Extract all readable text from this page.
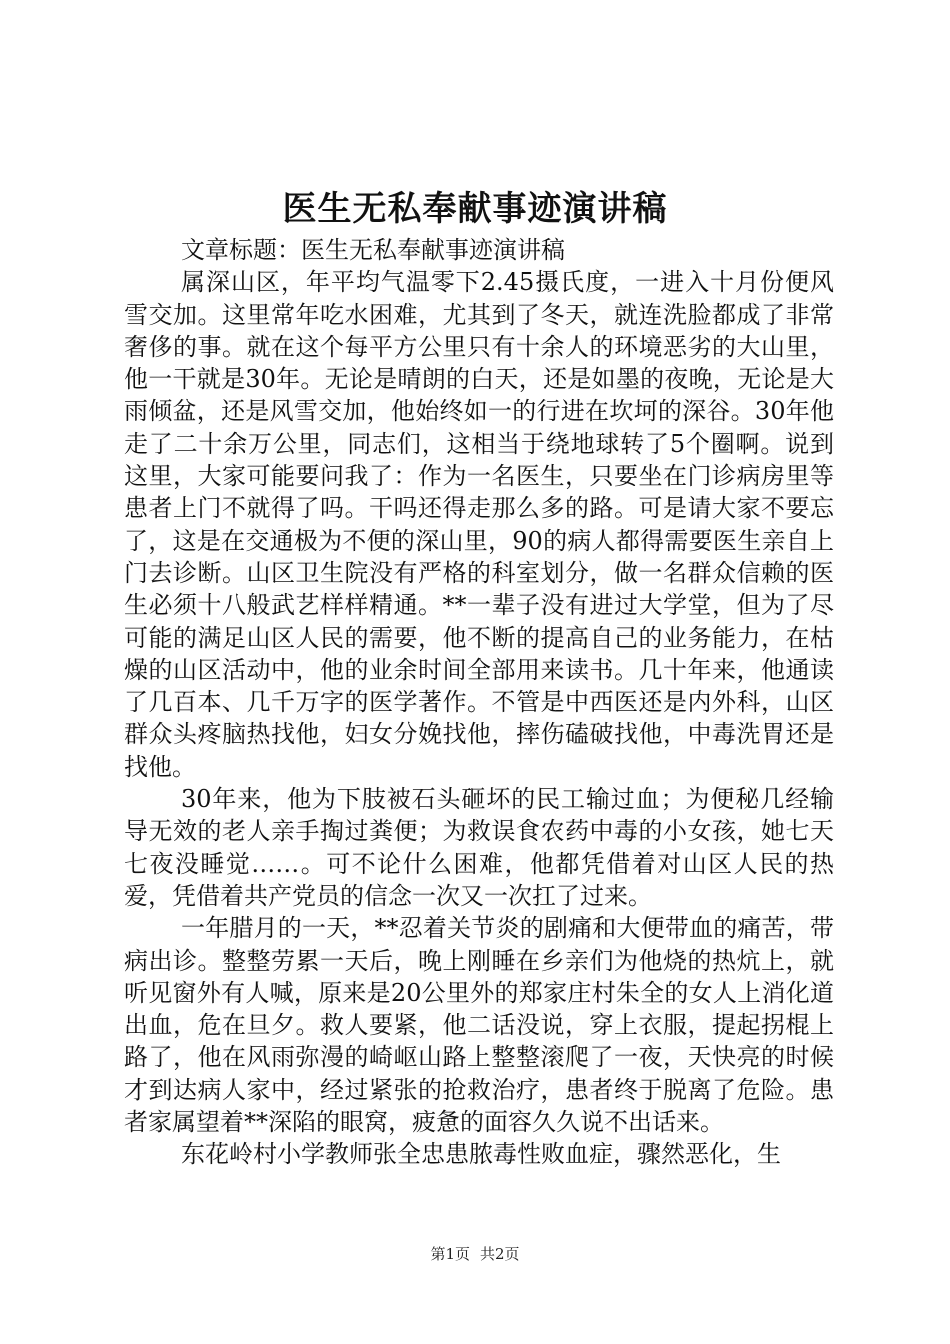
医生无私奉献事迹演讲稿

文章标题：医生无私奉献事迹演讲稿

属深山区，年平均气温零下2.45摄氏度，一进入十月份便风雪交加。这里常年吃水困难，尤其到了冬天，就连洗脸都成了非常奢侈的事。就在这个每平方公里只有十余人的环境恶劣的大山里，他一干就是30年。无论是晴朗的白天，还是如墨的夜晚，无论是大雨倾盆，还是风雪交加，他始终如一的行进在坎坷的深谷。30年他走了二十余万公里，同志们，这相当于绕地球转了5个圈啊。说到这里，大家可能要问我了：作为一名医生，只要坐在门诊病房里等患者上门不就得了吗。干吗还得走那么多的路。可是请大家不要忘了，这是在交通极为不便的深山里，90的病人都得需要医生亲自上门去诊断。山区卫生院没有严格的科室划分，做一名群众信赖的医生必须十八般武艺样样精通。**一辈子没有进过大学堂，但为了尽可能的满足山区人民的需要，他不断的提高自己的业务能力，在枯燥的山区活动中，他的业余时间全部用来读书。几十年来，他通读了几百本、几千万字的医学著作。不管是中西医还是内外科，山区群众头疼脑热找他，妇女分娩找他，摔伤磕破找他，中毒洗胃还是找他。

30年来，他为下肢被石头砸坏的民工输过血；为便秘几经输导无效的老人亲手掏过粪便；为救误食农药中毒的小女孩，她七天七夜没睡觉……。可不论什么困难，他都凭借着对山区人民的热爱，凭借着共产党员的信念一次又一次扛了过来。

一年腊月的一天，**忍着关节炎的剧痛和大便带血的痛苦，带病出诊。整整劳累一天后，晚上刚睡在乡亲们为他烧的热炕上，就听见窗外有人喊，原来是20公里外的郑家庄村朱全的女人上消化道出血，危在旦夕。救人要紧，他二话没说，穿上衣服，提起拐棍上路了，他在风雨弥漫的崎岖山路上整整滚爬了一夜，天快亮的时候才到达病人家中，经过紧张的抢救治疗，患者终于脱离了危险。患者家属望着**深陷的眼窝，疲惫的面容久久说不出话来。

东花岭村小学教师张全忠患脓毒性败血症，骤然恶化，生

第1页 共2页
